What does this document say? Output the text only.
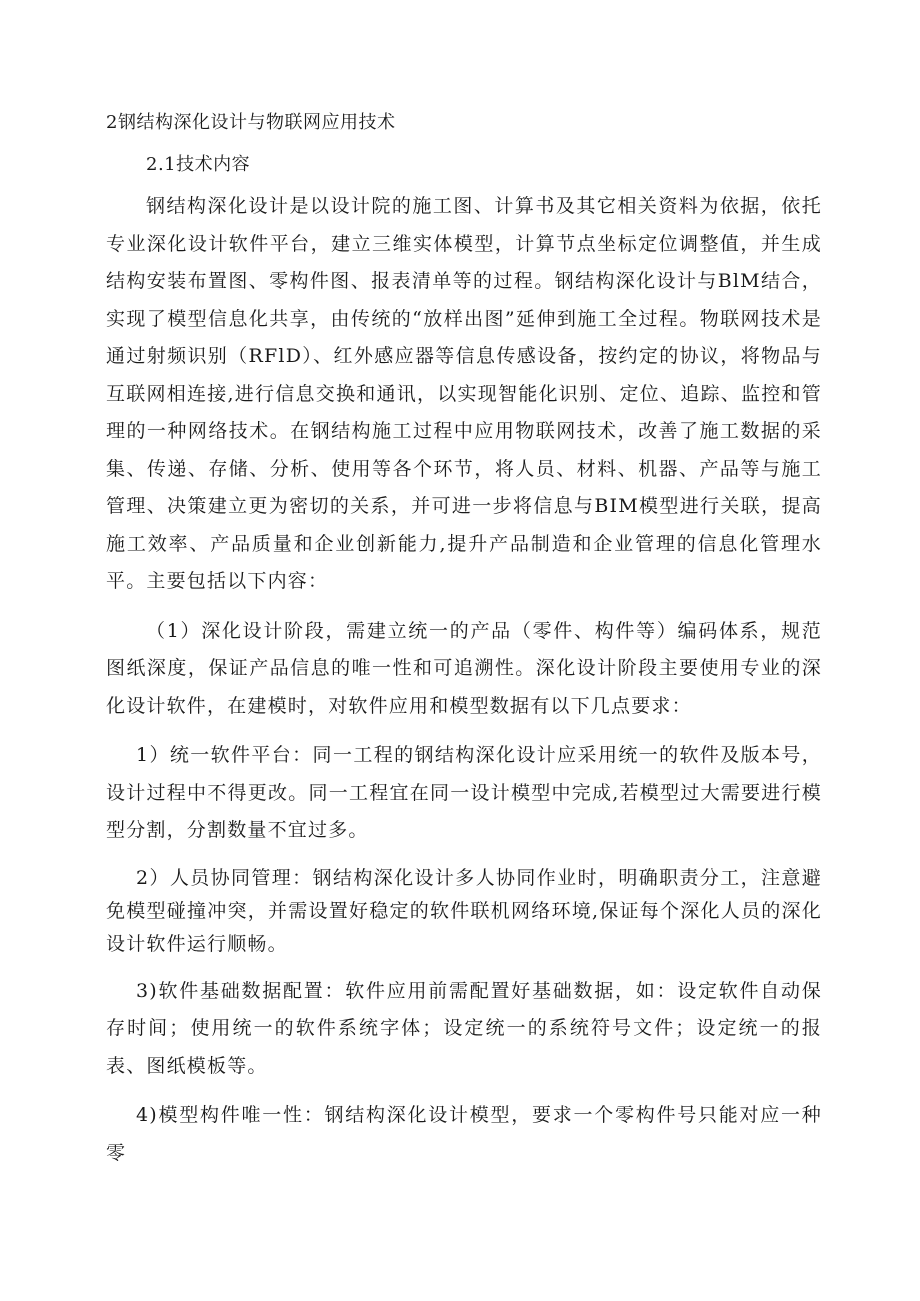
2钢结构深化设计与物联网应用技术
2.1技术内容

钢结构深化设计是以设计院的施工图、计算书及其它相关资料为依据，依托专业深化设计软件平台，建立三维实体模型，计算节点坐标定位调整值，并生成结构安装布置图、零构件图、报表清单等的过程。钢结构深化设计与BlM结合，实现了模型信息化共享，由传统的“放样出图”延伸到施工全过程。物联网技术是通过射频识别（RFlD）、红外感应器等信息传感设备，按约定的协议，将物品与互联网相连接,进行信息交换和通讯，以实现智能化识别、定位、追踪、监控和管理的一种网络技术。在钢结构施工过程中应用物联网技术，改善了施工数据的采集、传递、存储、分析、使用等各个环节，将人员、材料、机器、产品等与施工管理、决策建立更为密切的关系，并可进一步将信息与BIM模型进行关联，提高施工效率、产品质量和企业创新能力,提升产品制造和企业管理的信息化管理水平。主要包括以下内容：

（1）深化设计阶段，需建立统一的产品（零件、构件等）编码体系，规范图纸深度，保证产品信息的唯一性和可追溯性。深化设计阶段主要使用专业的深化设计软件，在建模时，对软件应用和模型数据有以下几点要求：

1）统一软件平台：同一工程的钢结构深化设计应采用统一的软件及版本号，设计过程中不得更改。同一工程宜在同一设计模型中完成,若模型过大需要进行模型分割，分割数量不宜过多。

2）人员协同管理：钢结构深化设计多人协同作业时，明确职责分工，注意避免模型碰撞冲突，并需设置好稳定的软件联机网络环境,保证每个深化人员的深化设计软件运行顺畅。

3)软件基础数据配置：软件应用前需配置好基础数据，如：设定软件自动保存时间；使用统一的软件系统字体；设定统一的系统符号文件；设定统一的报表、图纸模板等。

4)模型构件唯一性：钢结构深化设计模型，要求一个零构件号只能对应一种零
